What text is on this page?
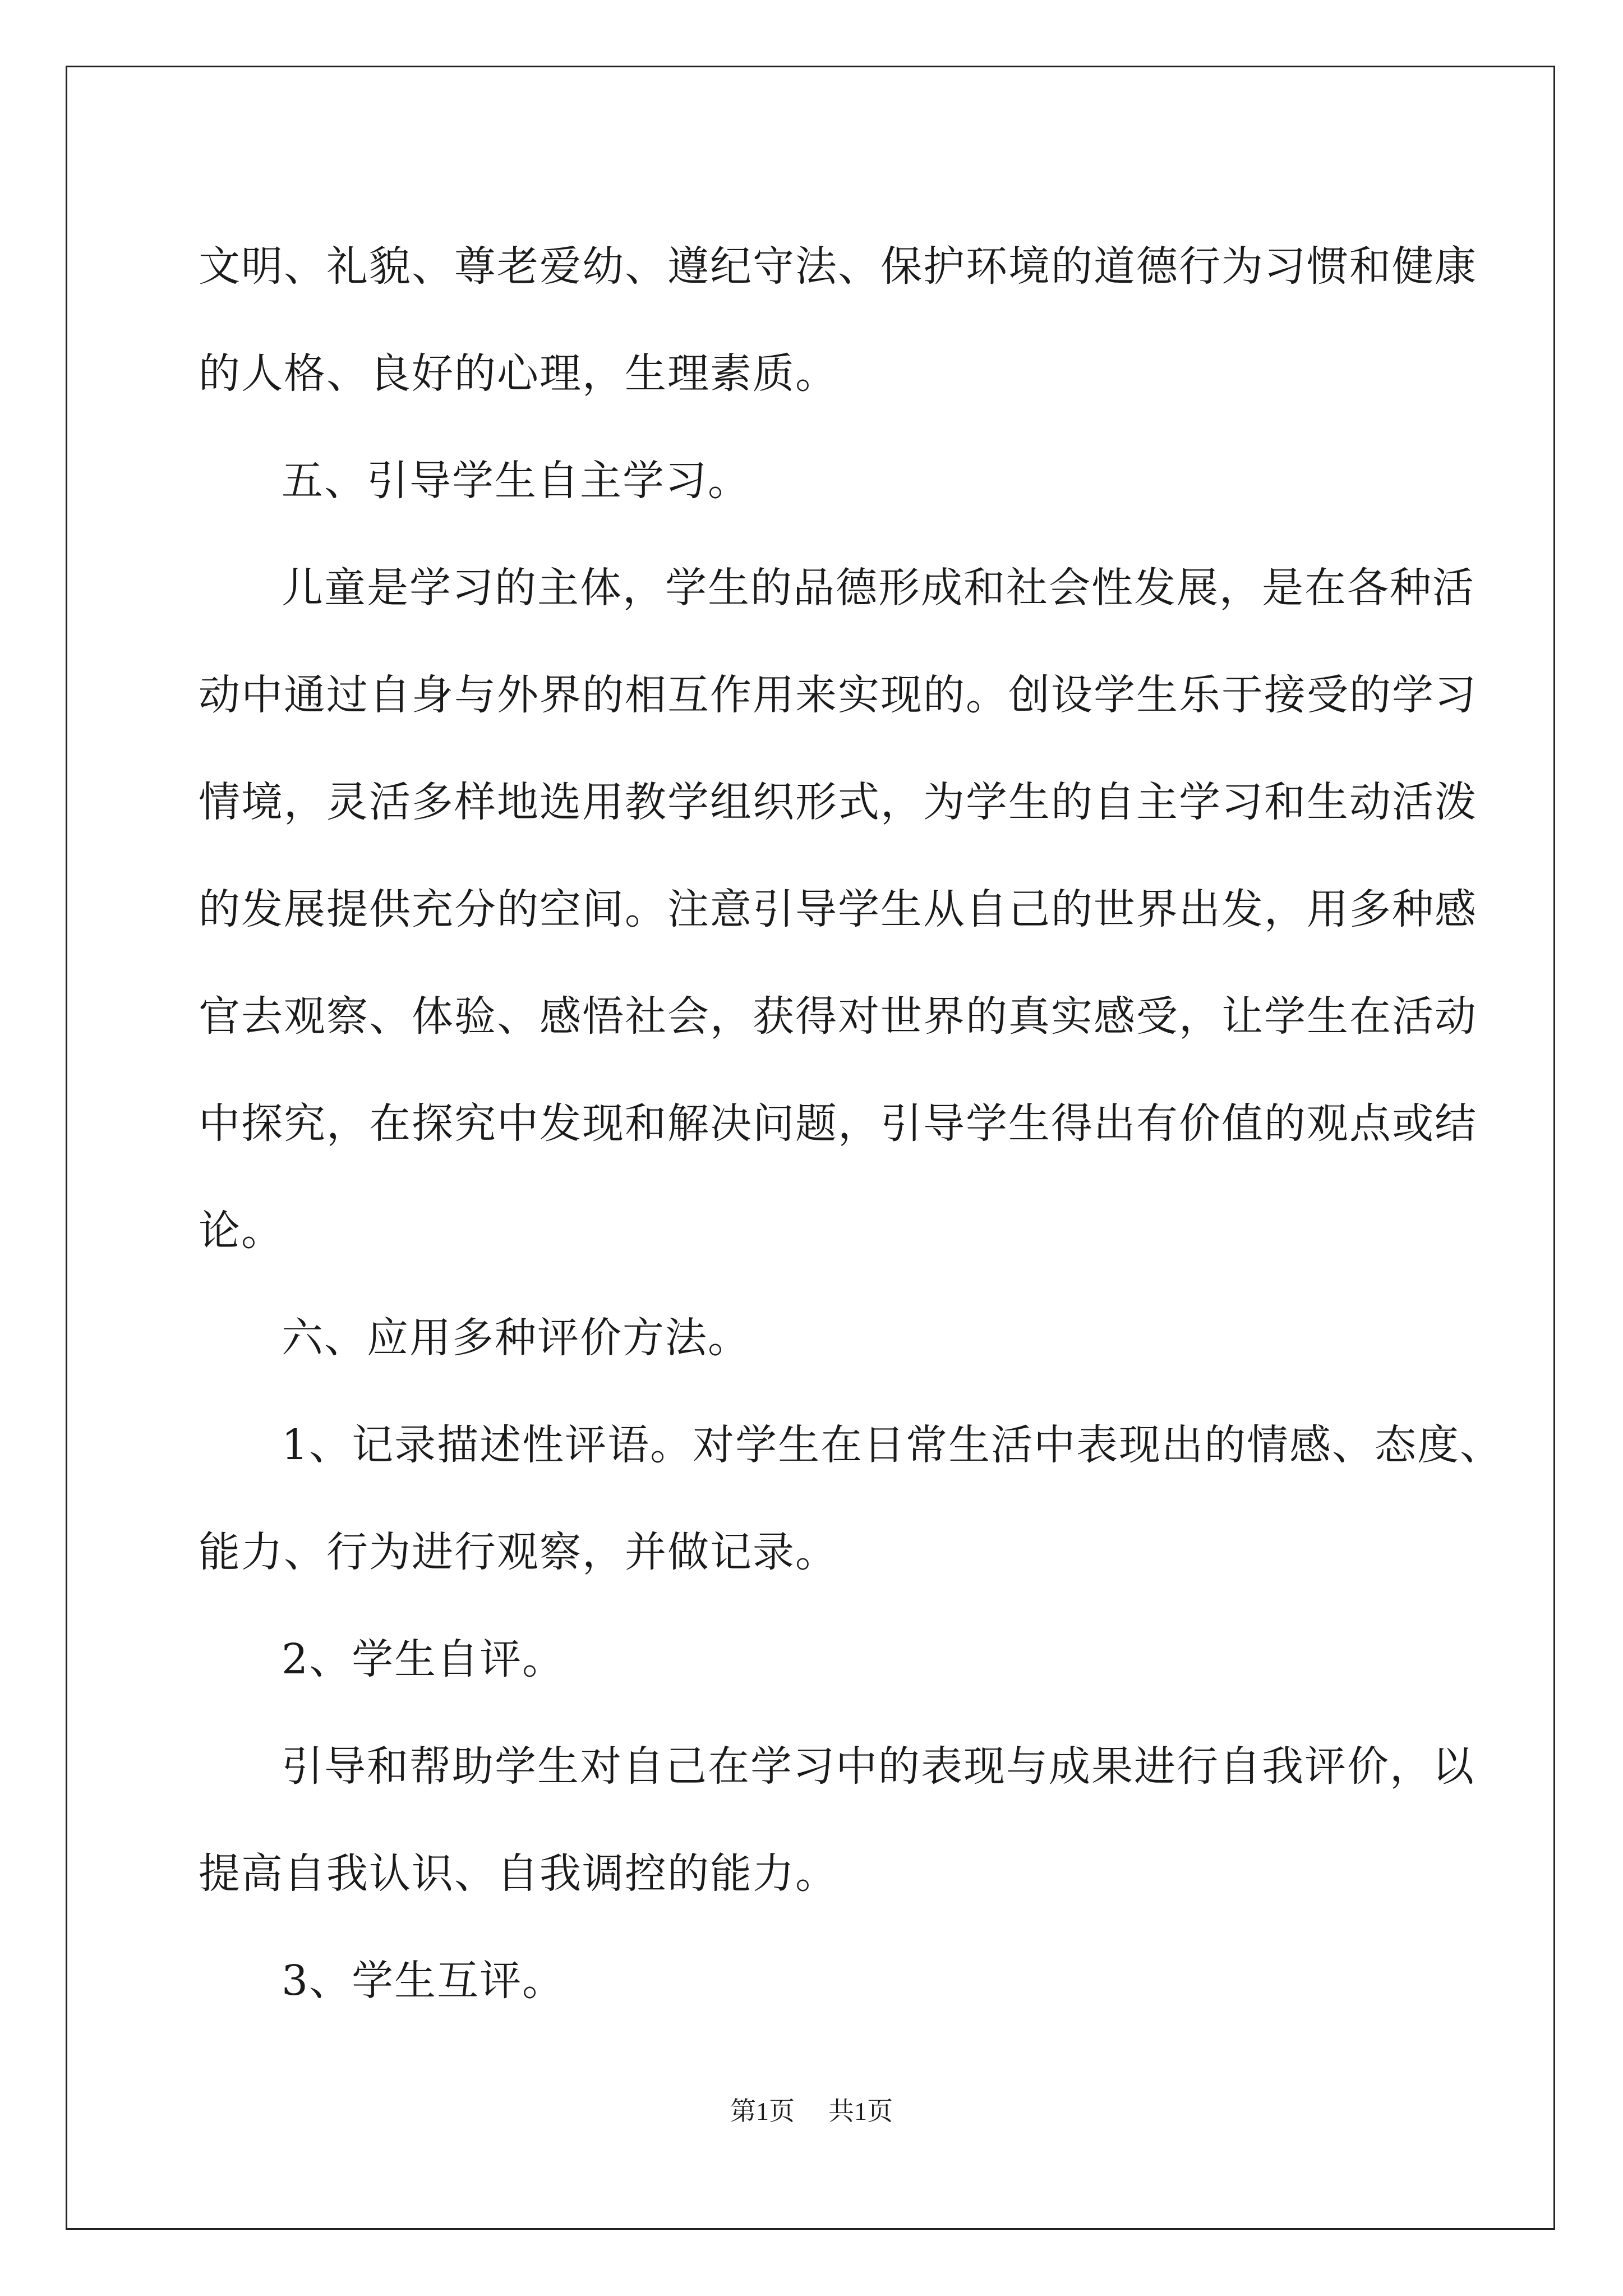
文明、礼貌、尊老爱幼、遵纪守法、保护环境的道德行为习惯和健康
的人格、良好的心理，生理素质。
五、引导学生自主学习。
儿童是学习的主体，学生的品德形成和社会性发展，是在各种活
动中通过自身与外界的相互作用来实现的。创设学生乐于接受的学习
情境，灵活多样地选用教学组织形式，为学生的自主学习和生动活泼
的发展提供充分的空间。注意引导学生从自己的世界出发，用多种感
官去观察、体验、感悟社会，获得对世界的真实感受，让学生在活动
中探究，在探究中发现和解决问题，引导学生得出有价值的观点或结
论。
六、应用多种评价方法。
1、记录描述性评语。对学生在日常生活中表现出的情感、态度、
能力、行为进行观察，并做记录。
2、学生自评。
引导和帮助学生对自己在学习中的表现与成果进行自我评价，以
提高自我认识、自我调控的能力。
3、学生互评。
第1页 共1页
